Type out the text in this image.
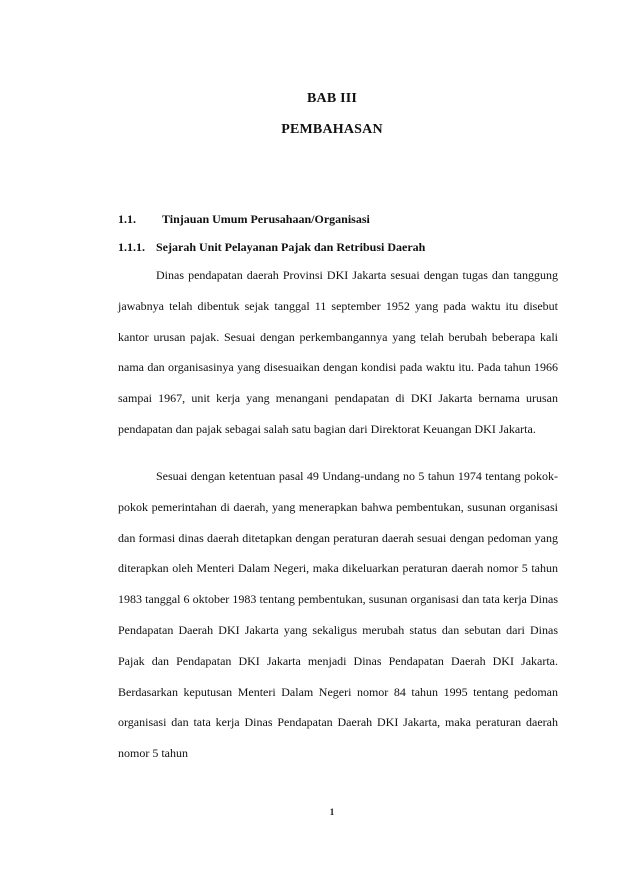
BAB III
PEMBAHASAN
1.1. Tinjauan Umum Perusahaan/Organisasi
1.1.1. Sejarah Unit Pelayanan Pajak dan Retribusi Daerah

Dinas pendapatan daerah Provinsi DKI Jakarta sesuai dengan tugas dan tanggung jawabnya telah dibentuk sejak tanggal 11 september 1952 yang pada waktu itu disebut kantor urusan pajak. Sesuai dengan perkembangannya yang telah berubah beberapa kali nama dan organisasinya yang disesuaikan dengan kondisi pada waktu itu. Pada tahun 1966 sampai 1967, unit kerja yang menangani pendapatan di DKI Jakarta bernama urusan pendapatan dan pajak sebagai salah satu bagian dari Direktorat Keuangan DKI Jakarta.

Sesuai dengan ketentuan pasal 49 Undang-undang no 5 tahun 1974 tentang pokok-pokok pemerintahan di daerah, yang menerapkan bahwa pembentukan, susunan organisasi dan formasi dinas daerah ditetapkan dengan peraturan daerah sesuai dengan pedoman yang diterapkan oleh Menteri Dalam Negeri, maka dikeluarkan peraturan daerah nomor 5 tahun 1983 tanggal 6 oktober 1983 tentang pembentukan, susunan organisasi dan tata kerja Dinas Pendapatan Daerah DKI Jakarta yang sekaligus merubah status dan sebutan dari Dinas Pajak dan Pendapatan DKI Jakarta menjadi Dinas Pendapatan Daerah DKI Jakarta. Berdasarkan keputusan Menteri Dalam Negeri nomor 84 tahun 1995 tentang pedoman organisasi dan tata kerja Dinas Pendapatan Daerah DKI Jakarta, maka peraturan daerah nomor 5 tahun

1
